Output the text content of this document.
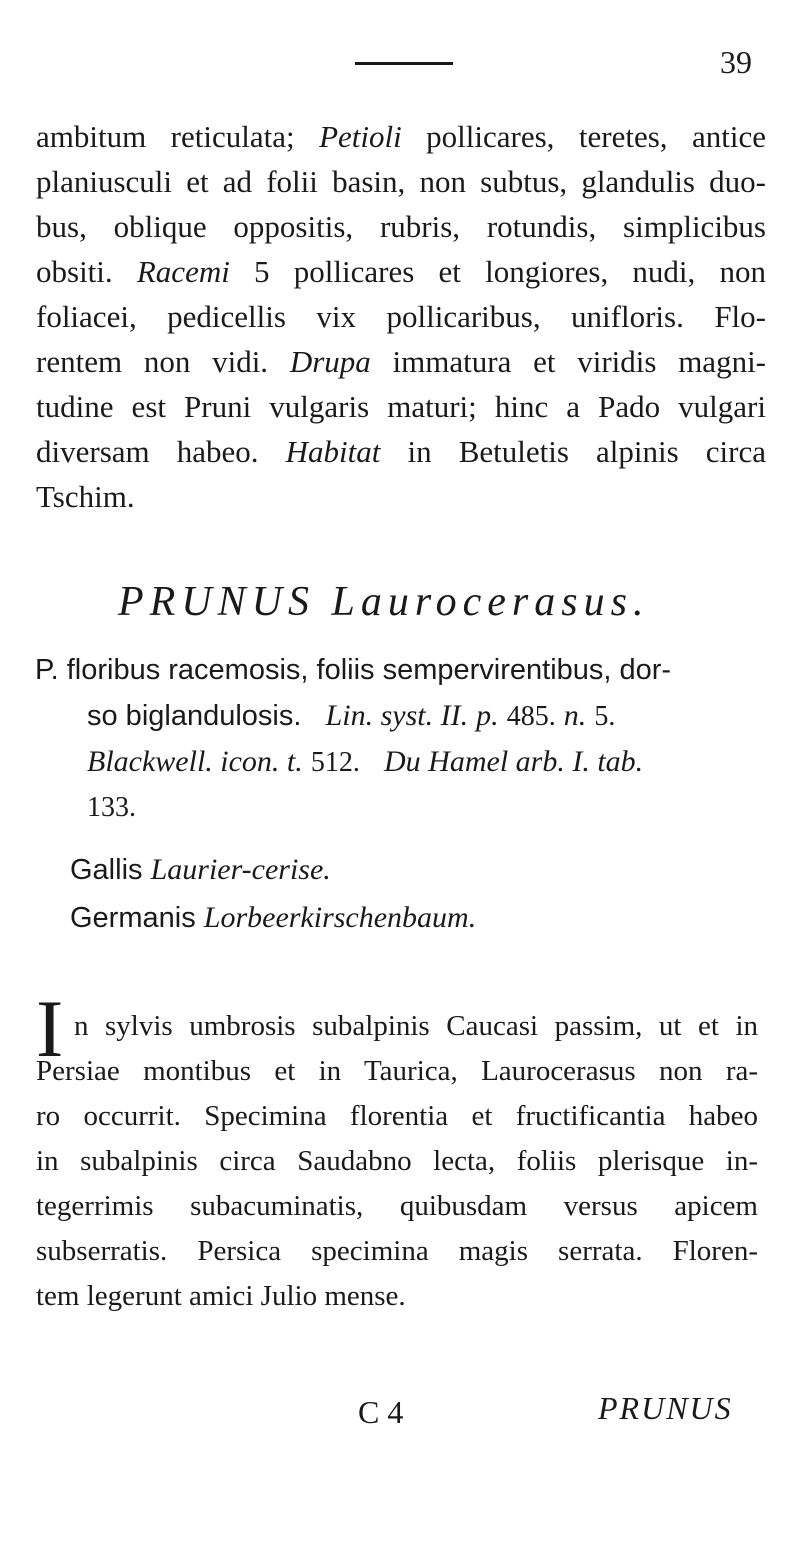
39
ambitum reticulata; Petioli pollicares, teretes, antice
planiusculi et ad folii basin, non subtus, glandulis duo-
bus, oblique oppositis, rubris, rotundis, simplicibus
obsiti. Racemi 5 pollicares et longiores, nudi, non
foliacei, pedicellis vix pollicaribus, unifloris. Flo-
rentem non vidi. Drupa immatura et viridis magni-
tudine est Pruni vulgaris maturi; hinc a Pado vulgari
diversam habeo. Habitat in Betuletis alpinis circa
Tschim.
PRUNUS Laurocerasus.
P. floribus racemosis, foliis sempervirentibus, dor-
so biglandulosis. Lin. syst. II. p. 485. n. 5.
Blackwell. icon. t. 512. Du Hamel arb. I. tab.
133.
Gallis Laurier-cerise.
Germanis Lorbeerkirschenbaum.
I n sylvis umbrosis subalpinis Caucasi passim, ut et in
Persiae montibus et in Taurica, Laurocerasus non ra-
ro occurrit. Specimina florentia et fructificantia habeo
in subalpinis circa Saudabno lecta, foliis plerisque in-
tegerrimis subacuminatis, quibusdam versus apicem
subserratis. Persica specimina magis serrata. Floren-
tem legerunt amici Julio mense.
C 4	PRUNUS
